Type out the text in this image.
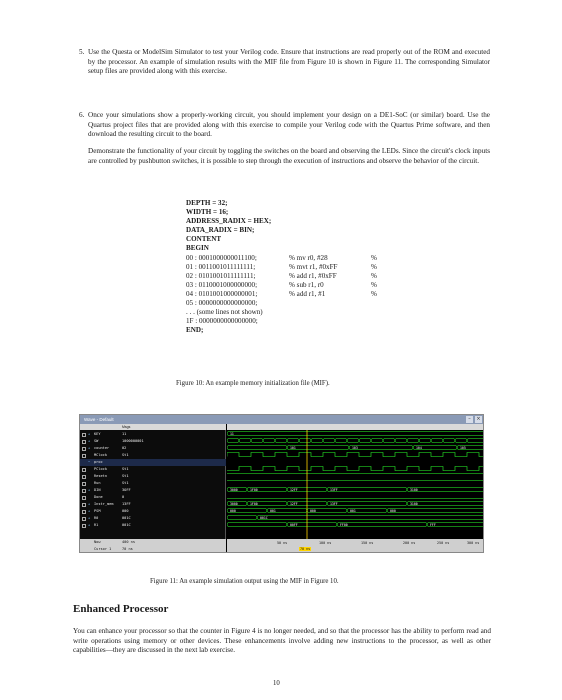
5. Use the Questa or ModelSim Simulator to test your Verilog code. Ensure that instructions are read properly out of the ROM and executed by the processor. An example of simulation results with the MIF file from Figure 10 is shown in Figure 11. The corresponding Simulator setup files are provided along with this exercise.
6. Once your simulations show a properly-working circuit, you should implement your design on a DE1-SoC (or similar) board. Use the Quartus project files that are provided along with this exercise to compile your Verilog code with the Quartus Prime software, and then download the resulting circuit to the board.
Demonstrate the functionality of your circuit by toggling the switches on the board and observing the LEDs. Since the circuit's clock inputs are controlled by pushbutton switches, it is possible to step through the execution of instructions and observe the behavior of the circuit.
DEPTH = 32;
WIDTH = 16;
ADDRESS_RADIX = HEX;
DATA_RADIX = BIN;
CONTENT
BEGIN
00 : 0001000000011100;	% mv r0, #28	%
01 : 0011001011111111;	% mvt r1, #0xFF	%
02 : 0101001011111111;	% add r1, #0xFF	%
03 : 0110001000000000;	% sub r1, r0	%
04 : 0101001000000001;	% add r1, #1	%
05 : 0000000000000000;
. . . (some lines not shown)
1F : 0000000000000000;
END;
Figure 10: An example memory initialization file (MIF).
Wave - Default	–	×
Msgs
+ KEY	11
+ SW	1000000001
+ counter	02
MClock	St1
− proc
PClock	St1
Resetn	St1
Run	St1
+ DIN	3OFF
Done	0
+ Instr_mem 13FF
+ PSM	000
+ R0	001C
+ R1	001C
Now	400 ns
Cursor 1	70 ns
11
101	103	104	105
3000	1F00	12FF	13FF	3100
3000	1F00	12FF	13FF	3100
000	001	000	001	000
001C
00FF	FF00	FFF
50 ns	100 ns	150 ns	200 ns	250 ns	300 ns
70 ns
Figure 11: An example simulation output using the MIF in Figure 10.
Enhanced Processor
You can enhance your processor so that the counter in Figure 4 is no longer needed, and so that the processor has the ability to perform read and write operations using memory or other devices. These enhancements involve adding new instructions to the processor, as well as other capabilities—they are discussed in the next lab exercise.
10
